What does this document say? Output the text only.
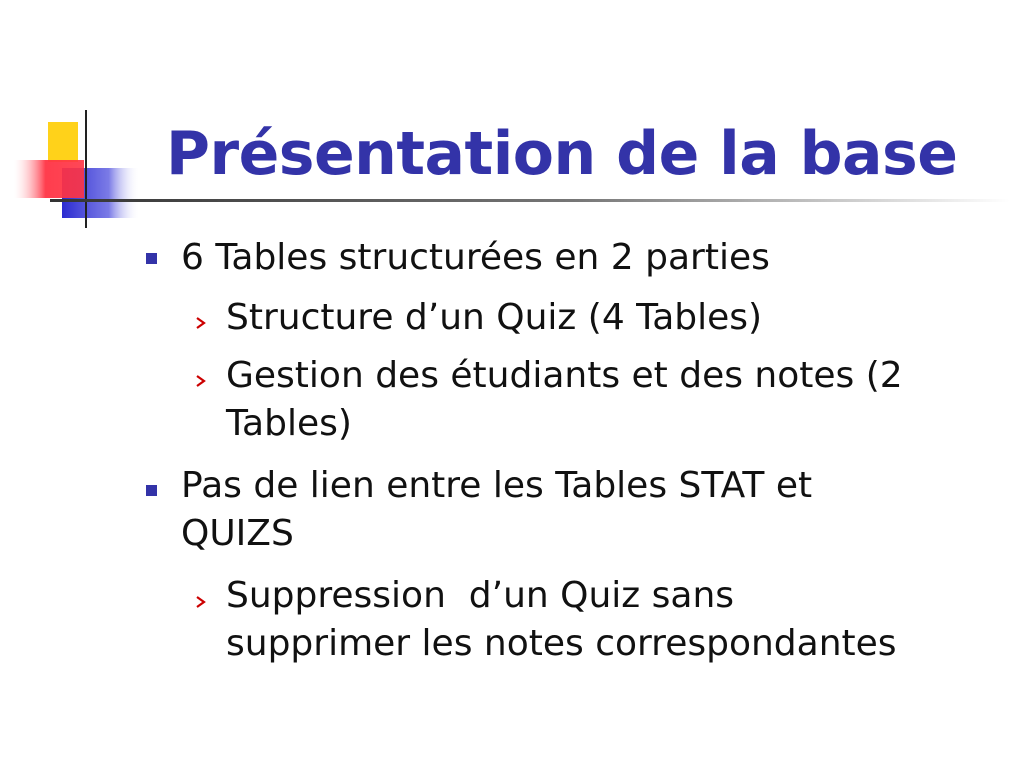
Présentation de la base

6 Tables structurées en 2 parties

Structure d’un Quiz (4 Tables)

Gestion des étudiants et des notes (2

Tables)

Pas de lien entre les Tables STAT et

QUIZS

Suppression  d’un Quiz sans

supprimer les notes correspondantes
